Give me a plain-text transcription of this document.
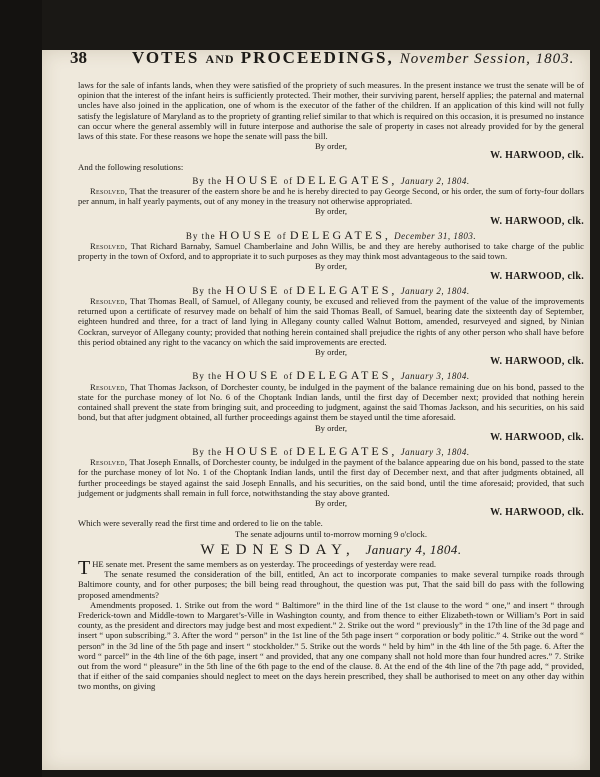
38	VOTES AND PROCEEDINGS, November Session, 1803.

laws for the sale of infants lands, when they were satisfied of the propriety of such measures. In the present instance we trust the senate will be of opinion that the interest of the infant heirs is sufficiently protected. Their mother, their surviving parent, herself applies; the paternal and maternal uncles have also joined in the application, one of whom is the executor of the father of the children. If an application of this kind will not fully satisfy the legislature of Maryland as to the propriety of granting relief similar to that which is required on this occasion, it is presumed no instance can occur where the general assembly will in future interpose and authorise the sale of property in cases not already provided for by the general laws of this state. For these reasons we hope the senate will pass the bill.

By order,

W. HARWOOD, clk.

And the following resolutions:

By the HOUSE of DELEGATES, January 2, 1804.

Resolved, That the treasurer of the eastern shore be and he is hereby directed to pay George Second, or his order, the sum of forty-four dollars per annum, in half yearly payments, out of any money in the treasury not otherwise appropriated.

By order,

W. HARWOOD, clk.

By the HOUSE of DELEGATES, December 31, 1803.

Resolved, That Richard Barnaby, Samuel Chamberlaine and John Willis, be and they are hereby authorised to take charge of the public property in the town of Oxford, and to appropriate it to such purposes as they may think most advantageous to the said town.

By order,

W. HARWOOD, clk.

By the HOUSE of DELEGATES, January 2, 1804.

Resolved, That Thomas Beall, of Samuel, of Allegany county, be excused and relieved from the payment of the value of the improvements returned upon a certificate of resurvey made on behalf of him the said Thomas Beall, of Samuel, bearing date the sixteenth day of September, eighteen hundred and three, for a tract of land lying in Allegany county called Walnut Bottom, amended, resurveyed and signed, by Ninian Cockran, surveyor of Allegany county; provided that nothing herein contained shall prejudice the rights of any other person who shall have before this period obtained any right to the vacancy on which the said improvements are erected.

By order,

W. HARWOOD, clk.

By the HOUSE of DELEGATES, January 3, 1804.

Resolved, That Thomas Jackson, of Dorchester county, be indulged in the payment of the balance remaining due on his bond, passed to the state for the purchase money of lot No. 6 of the Choptank Indian lands, until the first day of December next; provided that nothing herein contained shall prevent the state from bringing suit, and proceeding to judgment, against the said Thomas Jackson, and his securities, on his said bond, but that after judgment obtained, all further proceedings against them be stayed until the time aforesaid.

By order,

W. HARWOOD, clk.

By the HOUSE of DELEGATES, January 3, 1804.

Resolved, That Joseph Ennalls, of Dorchester county, be indulged in the payment of the balance appearing due on his bond, passed to the state for the purchase money of lot No. 1 of the Choptank Indian lands, until the first day of December next, and that after judgments obtained, all further proceedings be stayed against the said Joseph Ennalls, and his securities, on the said bond, until the time aforesaid; provided, that such judgement or judgments shall remain in full force, notwithstanding the stay above granted.

By order,

W. HARWOOD, clk.

Which were severally read the first time and ordered to lie on the table.

The senate adjourns until to-morrow morning 9 o'clock.

WEDNESDAY, January 4, 1804.

THE senate met. Present the same members as on yesterday. The proceedings of yesterday were read.

The senate resumed the consideration of the bill, entitled, An act to incorporate companies to make several turnpike roads through Baltimore county, and for other purposes; the bill being read throughout, the question was put, That the said bill do pass with the following proposed amendments?

Amendments proposed. 1. Strike out from the word “ Baltimore” in the third line of the 1st clause to the word “ one,” and insert “ through Frederick-town and Middle-town to Margaret’s-Ville in Washington county, and from thence to either Elizabeth-town or William’s Port in said county, as the president and directors may judge best and most expedient.” 2. Strike out the word “ previously” in the 17th line of the 3d page and insert “ upon subscribing.” 3. After the word “ person” in the 1st line of the 5th page insert “ corporation or body politic.” 4. Strike out the word “ person” in the 3d line of the 5th page and insert “ stockholder.” 5. Strike out the words “ held by him” in the 4th line of the 5th page. 6. After the word “ parcel” in the 4th line of the 6th page, insert “ and provided, that any one company shall not hold more than four hundred acres.” 7. Strike out from the word “ pleasure” in the 5th line of the 6th page to the end of the clause. 8. At the end of the 4th line of the 7th page add, “ provided, that if either of the said companies should neglect to meet on the days herein prescribed, they shall be authorised to meet on any other day within two months, on giving
